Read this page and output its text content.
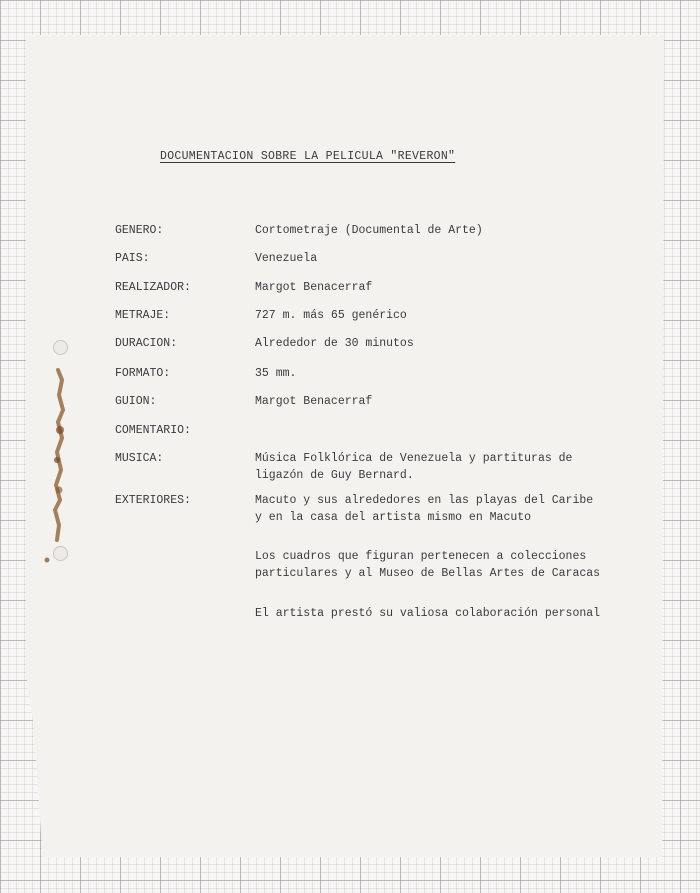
DOCUMENTACION SOBRE LA PELICULA "REVERON"
GENERO:	Cortometraje (Documental de Arte)
PAIS:	Venezuela
REALIZADOR:	Margot Benacerraf
METRAJE:	727 m. más 65 genérico
DURACION:	Alrededor de 30 minutos
FORMATO:	35 mm.
GUION:	Margot Benacerraf
COMENTARIO:
MUSICA:	Música Folklórica de Venezuela y partituras de
ligazón de Guy Bernard.
EXTERIORES:	Macuto y sus alrededores en las playas del Caribe
y en la casa del artista mismo en Macuto
Los cuadros que figuran pertenecen a colecciones
particulares y al Museo de Bellas Artes de Caracas
El artista prestó su valiosa colaboración personal
